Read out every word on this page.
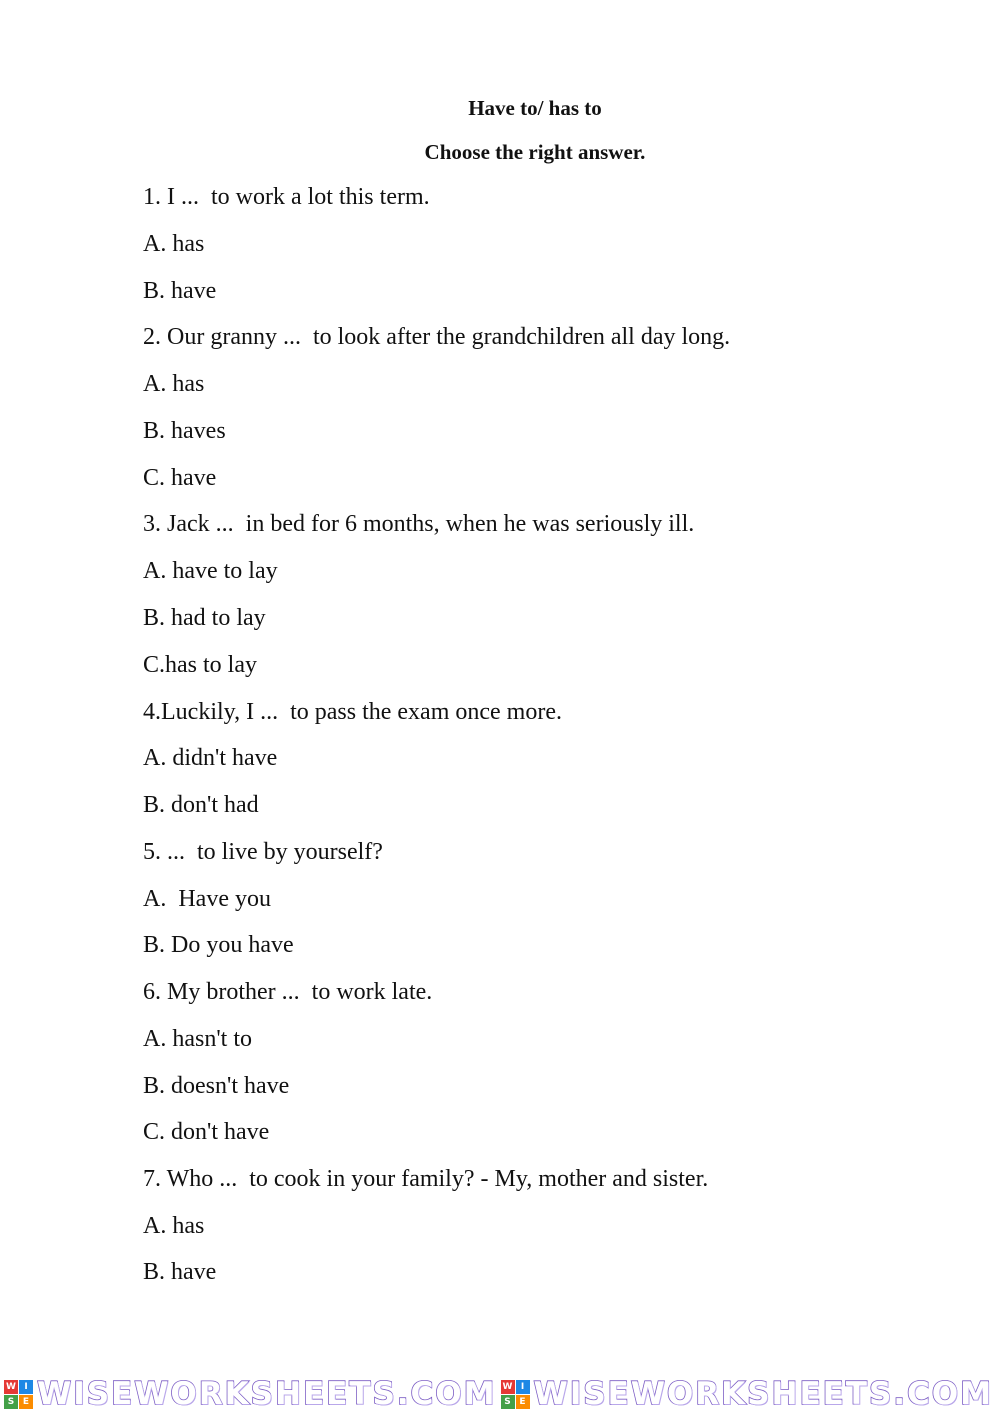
Have to/ has to
Choose the right answer.

1. I ...  to work a lot this term.

A. has

B. have

2. Our granny ...  to look after the grandchildren all day long.

A. has

B. haves

C. have

3. Jack ...  in bed for 6 months, when he was seriously ill.

A. have to lay

B. had to lay

C.has to lay

4.Luckily, I ...  to pass the exam once more.

A. didn't have

B. don't had

5. ...  to live by yourself?

A.  Have you

B. Do you have

6. My brother ...  to work late.

A. hasn't to

B. doesn't have

C. don't have

7. Who ...  to cook in your family? - My, mother and sister.

A. has

B. have

W I
S E WISEWORKSHEETS.COM W I
S E WISEWORKSHEETS.COM
